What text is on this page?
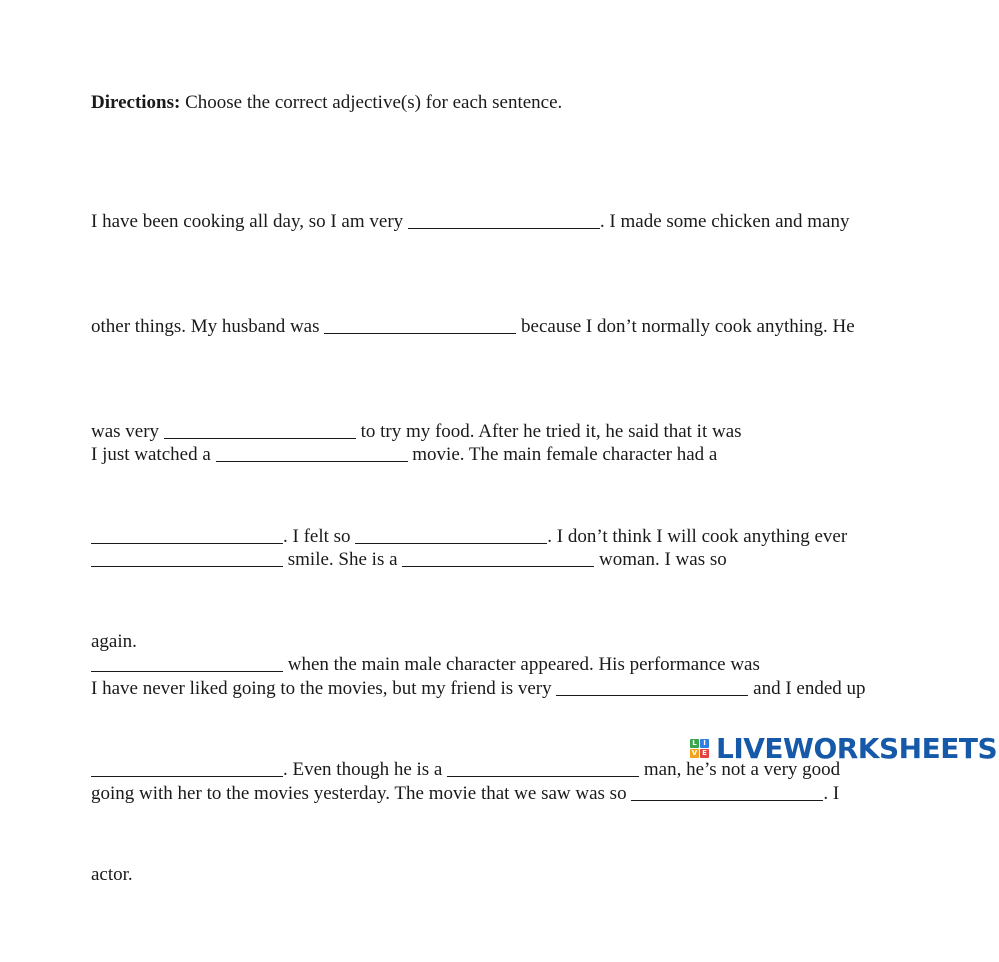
Directions: Choose the correct adjective(s) for each sentence.

I have been cooking all day, so I am very	. I made some chicken and many

other things. My husband was	because I don’t normally cook anything. He

was very	to try my food. After he tried it, he said that it was

. I felt so	. I don’t think I will cook anything ever

again.

I just watched a	movie. The main female character had a

smile. She is a	woman. I was so

when the main male character appeared. His performance was

. Even though he is a	man, he’s not a very good

actor.

I have never liked going to the movies, but my friend is very	and I ended up

going with her to the movies yesterday. The movie that we saw was so	. I

L I
V E LIVEWORKSHEETS
